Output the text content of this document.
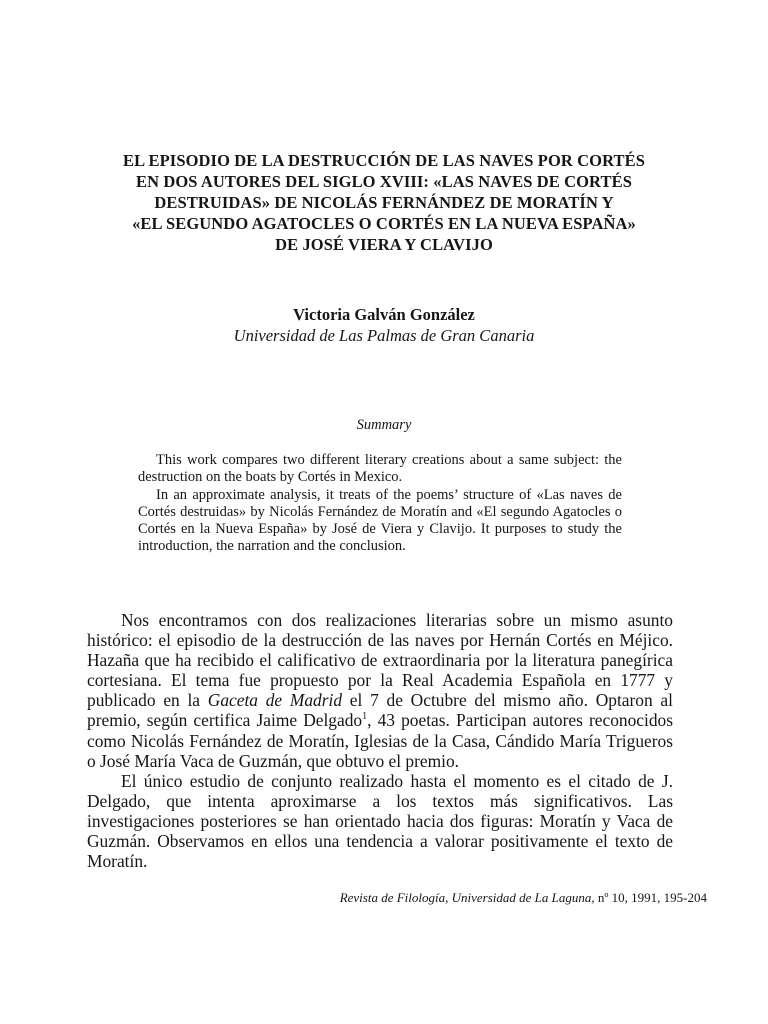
EL EPISODIO DE LA DESTRUCCIÓN DE LAS NAVES POR CORTÉS
EN DOS AUTORES DEL SIGLO XVIII: «LAS NAVES DE CORTÉS
DESTRUIDAS» DE NICOLÁS FERNÁNDEZ DE MORATÍN Y
«EL SEGUNDO AGATOCLES O CORTÉS EN LA NUEVA ESPAÑA»
DE JOSÉ VIERA Y CLAVIJO
Victoria Galván González
Universidad de Las Palmas de Gran Canaria
Summary

This work compares two different literary creations about a same subject: the destruction on the boats by Cortés in Mexico.

In an approximate analysis, it treats of the poems’ structure of «Las naves de Cortés destruidas» by Nicolás Fernández de Moratín and «El segundo Agatocles o Cortés en la Nueva España» by José de Viera y Clavijo. It purposes to study the introduction, the narration and the conclusion.

Nos encontramos con dos realizaciones literarias sobre un mismo asunto histórico: el episodio de la destrucción de las naves por Hernán Cortés en Méjico. Hazaña que ha recibido el calificativo de extraordinaria por la literatura panegírica cortesiana. El tema fue propuesto por la Real Academia Española en 1777 y publicado en la Gaceta de Madrid el 7 de Octubre del mismo año. Optaron al premio, según certifica Jaime Delgado$^1$, 43 poetas. Participan autores reconocidos como Nicolás Fernández de Moratín, Iglesias de la Casa, Cándido María Trigueros o José María Vaca de Guzmán, que obtuvo el premio.

El único estudio de conjunto realizado hasta el momento es el citado de J. Delgado, que intenta aproximarse a los textos más significativos. Las investigaciones posteriores se han orientado hacia dos figuras: Moratín y Vaca de Guzmán. Observamos en ellos una tendencia a valorar positivamente el texto de Moratín.

Revista de Filología, Universidad de La Laguna, nº 10, 1991, 195-204
